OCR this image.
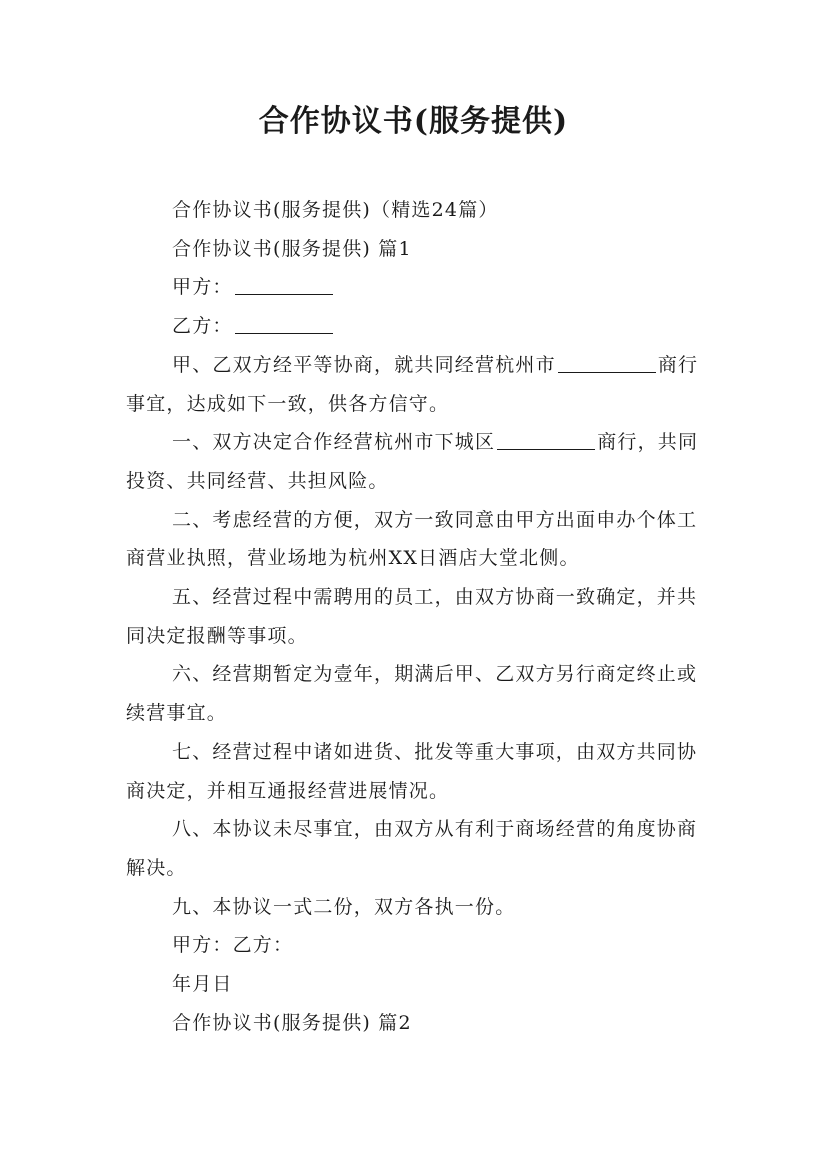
合作协议书(服务提供)

合作协议书(服务提供)（精选24篇）

合作协议书(服务提供) 篇1

甲方：

乙方：

甲、乙双方经平等协商，就共同经营杭州市	商行事宜，达成如下一致，供各方信守。

一、双方决定合作经营杭州市下城区	商行，共同投资、共同经营、共担风险。

二、考虑经营的方便，双方一致同意由甲方出面申办个体工商营业执照，营业场地为杭州XX日酒店大堂北侧。

五、经营过程中需聘用的员工，由双方协商一致确定，并共同决定报酬等事项。

六、经营期暂定为壹年，期满后甲、乙双方另行商定终止或续营事宜。

七、经营过程中诸如进货、批发等重大事项，由双方共同协商决定，并相互通报经营进展情况。

八、本协议未尽事宜，由双方从有利于商场经营的角度协商解决。

九、本协议一式二份，双方各执一份。

甲方：乙方：

年月日

合作协议书(服务提供) 篇2
